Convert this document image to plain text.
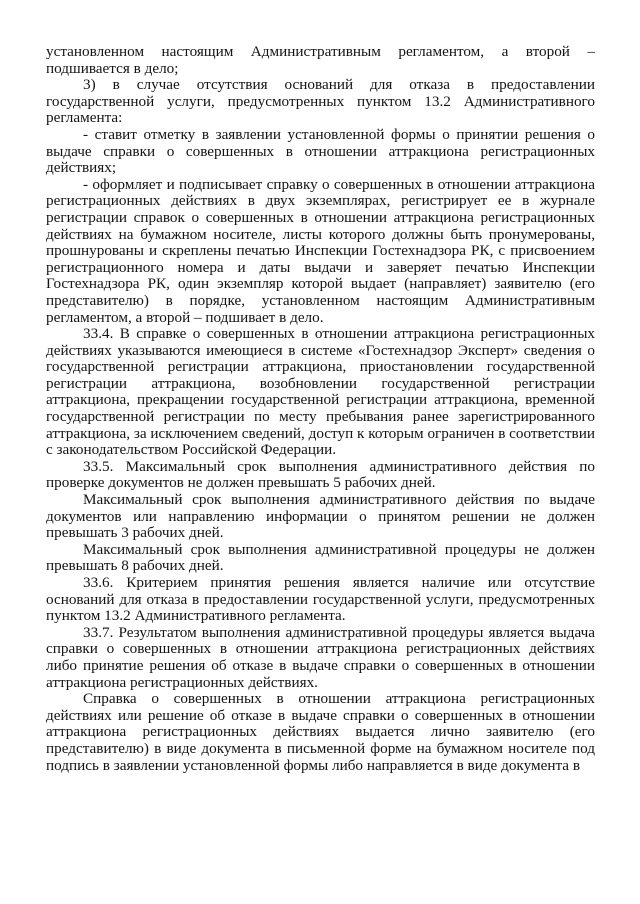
установленном настоящим Административным регламентом, а второй – подшивается в дело;

3) в случае отсутствия оснований для отказа в предоставлении государственной услуги, предусмотренных пунктом 13.2 Административного регламента:

- ставит отметку в заявлении установленной формы о принятии решения о выдаче справки о совершенных в отношении аттракциона регистрационных действиях;

- оформляет и подписывает справку о совершенных в отношении аттракциона регистрационных действиях в двух экземплярах, регистрирует ее в журнале регистрации справок о совершенных в отношении аттракциона регистрационных действиях на бумажном носителе, листы которого должны быть пронумерованы, прошнурованы и скреплены печатью Инспекции Гостехнадзора РК, с присвоением регистрационного номера и даты выдачи и заверяет печатью Инспекции Гостехнадзора РК, один экземпляр которой выдает (направляет) заявителю (его представителю) в порядке, установленном настоящим Административным регламентом, а второй – подшивает в дело.

33.4. В справке о совершенных в отношении аттракциона регистрационных действиях указываются имеющиеся в системе «Гостехнадзор Эксперт» сведения о государственной регистрации аттракциона, приостановлении государственной регистрации аттракциона, возобновлении государственной регистрации аттракциона, прекращении государственной регистрации аттракциона, временной государственной регистрации по месту пребывания ранее зарегистрированного аттракциона, за исключением сведений, доступ к которым ограничен в соответствии с законодательством Российской Федерации.

33.5. Максимальный срок выполнения административного действия по проверке документов не должен превышать 5 рабочих дней.

Максимальный срок выполнения административного действия по выдаче документов или направлению информации о принятом решении не должен превышать 3 рабочих дней.

Максимальный срок выполнения административной процедуры не должен превышать 8 рабочих дней.

33.6. Критерием принятия решения является наличие или отсутствие оснований для отказа в предоставлении государственной услуги, предусмотренных пунктом 13.2 Административного регламента.

33.7. Результатом выполнения административной процедуры является выдача справки о совершенных в отношении аттракциона регистрационных действиях либо принятие решения об отказе в выдаче справки о совершенных в отношении аттракциона регистрационных действиях.

Справка о совершенных в отношении аттракциона регистрационных действиях или решение об отказе в выдаче справки о совершенных в отношении аттракциона регистрационных действиях выдается лично заявителю (его представителю) в виде документа в письменной форме на бумажном носителе под подпись в заявлении установленной формы либо направляется в виде документа в
